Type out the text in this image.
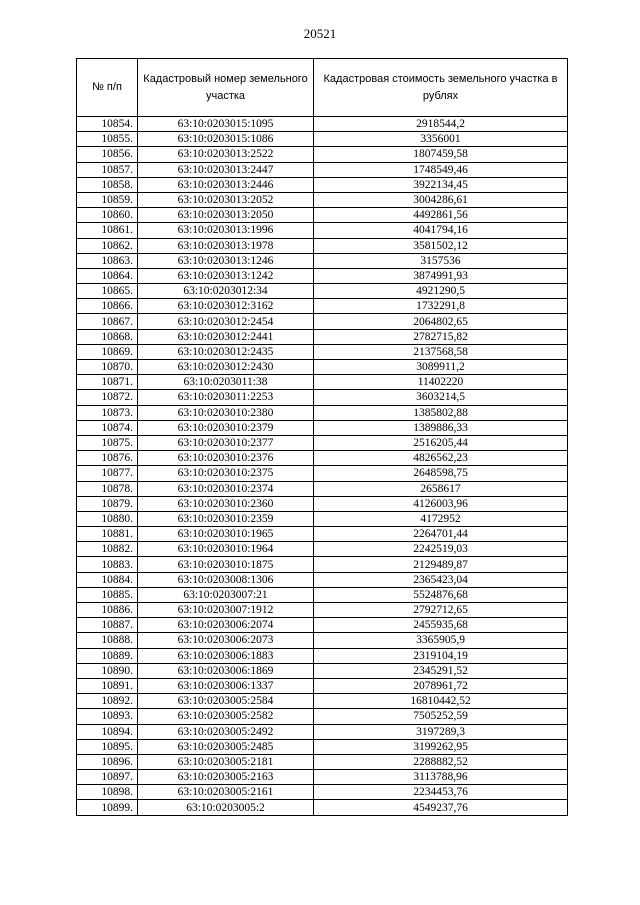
20521
№ п/п	Кадастровый номер земельного участка	Кадастровая стоимость земельного участка в рублях
10854.	63:10:0203015:1095	2918544,2
10855.	63:10:0203015:1086	3356001
10856.	63:10:0203013:2522	1807459,58
10857.	63:10:0203013:2447	1748549,46
10858.	63:10:0203013:2446	3922134,45
10859.	63:10:0203013:2052	3004286,61
10860.	63:10:0203013:2050	4492861,56
10861.	63:10:0203013:1996	4041794,16
10862.	63:10:0203013:1978	3581502,12
10863.	63:10:0203013:1246	3157536
10864.	63:10:0203013:1242	3874991,93
10865.	63:10:0203012:34	4921290,5
10866.	63:10:0203012:3162	1732291,8
10867.	63:10:0203012:2454	2064802,65
10868.	63:10:0203012:2441	2782715,82
10869.	63:10:0203012:2435	2137568,58
10870.	63:10:0203012:2430	3089911,2
10871.	63:10:0203011:38	11402220
10872.	63:10:0203011:2253	3603214,5
10873.	63:10:0203010:2380	1385802,88
10874.	63:10:0203010:2379	1389886,33
10875.	63:10:0203010:2377	2516205,44
10876.	63:10:0203010:2376	4826562,23
10877.	63:10:0203010:2375	2648598,75
10878.	63:10:0203010:2374	2658617
10879.	63:10:0203010:2360	4126003,96
10880.	63:10:0203010:2359	4172952
10881.	63:10:0203010:1965	2264701,44
10882.	63:10:0203010:1964	2242519,03
10883.	63:10:0203010:1875	2129489,87
10884.	63:10:0203008:1306	2365423,04
10885.	63:10:0203007:21	5524876,68
10886.	63:10:0203007:1912	2792712,65
10887.	63:10:0203006:2074	2455935,68
10888.	63:10:0203006:2073	3365905,9
10889.	63:10:0203006:1883	2319104,19
10890.	63:10:0203006:1869	2345291,52
10891.	63:10:0203006:1337	2078961,72
10892.	63:10:0203005:2584	16810442,52
10893.	63:10:0203005:2582	7505252,59
10894.	63:10:0203005:2492	3197289,3
10895.	63:10:0203005:2485	3199262,95
10896.	63:10:0203005:2181	2288882,52
10897.	63:10:0203005:2163	3113788,96
10898.	63:10:0203005:2161	2234453,76
10899.	63:10:0203005:2	4549237,76
